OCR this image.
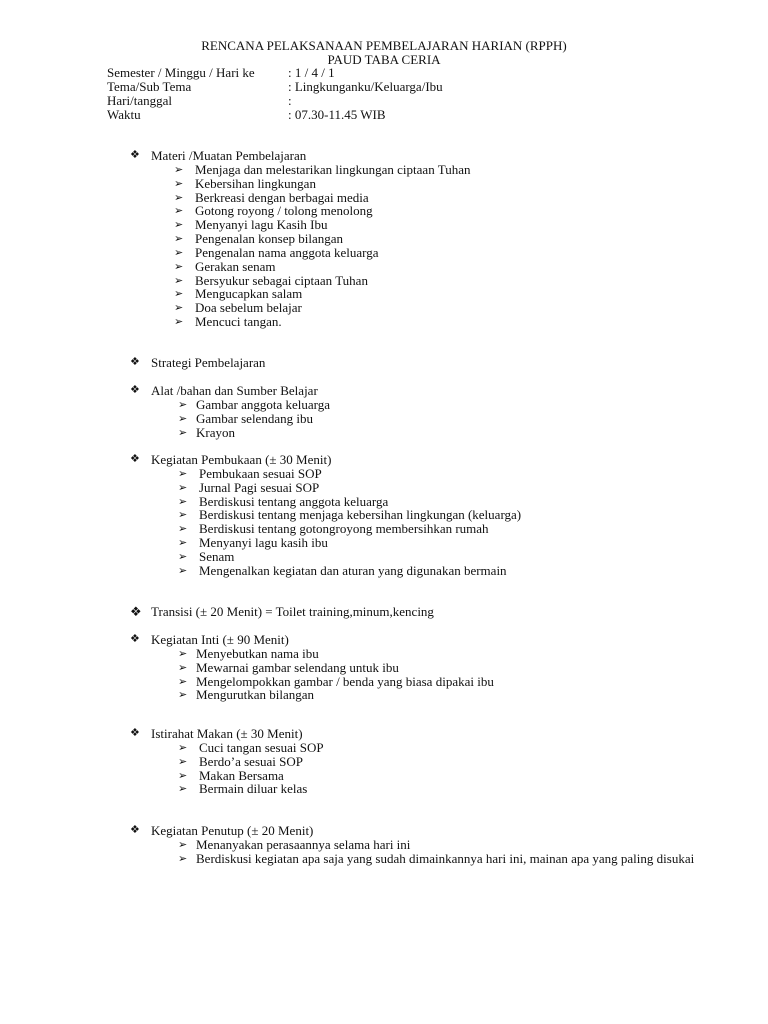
RENCANA PELAKSANAAN PEMBELAJARAN HARIAN (RPPH)
PAUD TABA CERIA
Semester / Minggu / Hari ke	: 1 / 4 / 1
Tema/Sub Tema	: Lingkunganku/Keluarga/Ibu
Hari/tanggal	:
Waktu	: 07.30-11.45 WIB
❖ Materi /Muatan Pembelajaran
➢ Menjaga dan melestarikan lingkungan ciptaan Tuhan
➢ Kebersihan lingkungan
➢ Berkreasi dengan berbagai media
➢ Gotong royong / tolong menolong
➢ Menyanyi lagu Kasih Ibu
➢ Pengenalan konsep bilangan
➢ Pengenalan nama anggota keluarga
➢ Gerakan senam
➢ Bersyukur sebagai ciptaan Tuhan
➢ Mengucapkan salam
➢ Doa sebelum belajar
➢ Mencuci tangan.
❖ Strategi Pembelajaran
❖ Alat /bahan dan Sumber Belajar
➢ Gambar anggota keluarga
➢ Gambar selendang ibu
➢ Krayon
❖ Kegiatan Pembukaan (± 30 Menit)
➢ Pembukaan sesuai SOP
➢ Jurnal Pagi sesuai SOP
➢ Berdiskusi tentang anggota keluarga
➢ Berdiskusi tentang menjaga kebersihan lingkungan (keluarga)
➢ Berdiskusi tentang gotongroyong membersihkan rumah
➢ Menyanyi lagu kasih ibu
➢ Senam
➢ Mengenalkan kegiatan dan aturan yang digunakan bermain
❖ Transisi (± 20 Menit) = Toilet training,minum,kencing
❖ Kegiatan Inti (± 90 Menit)
➢ Menyebutkan nama ibu
➢ Mewarnai gambar selendang untuk ibu
➢ Mengelompokkan gambar / benda yang biasa dipakai ibu
➢ Mengurutkan bilangan
❖ Istirahat Makan (± 30 Menit)
➢ Cuci tangan sesuai SOP
➢ Berdo’a sesuai SOP
➢ Makan Bersama
➢ Bermain diluar kelas
❖ Kegiatan Penutup (± 20 Menit)
➢ Menanyakan perasaannya selama hari ini
➢ Berdiskusi kegiatan apa saja yang sudah dimainkannya hari ini, mainan apa yang paling disukai
